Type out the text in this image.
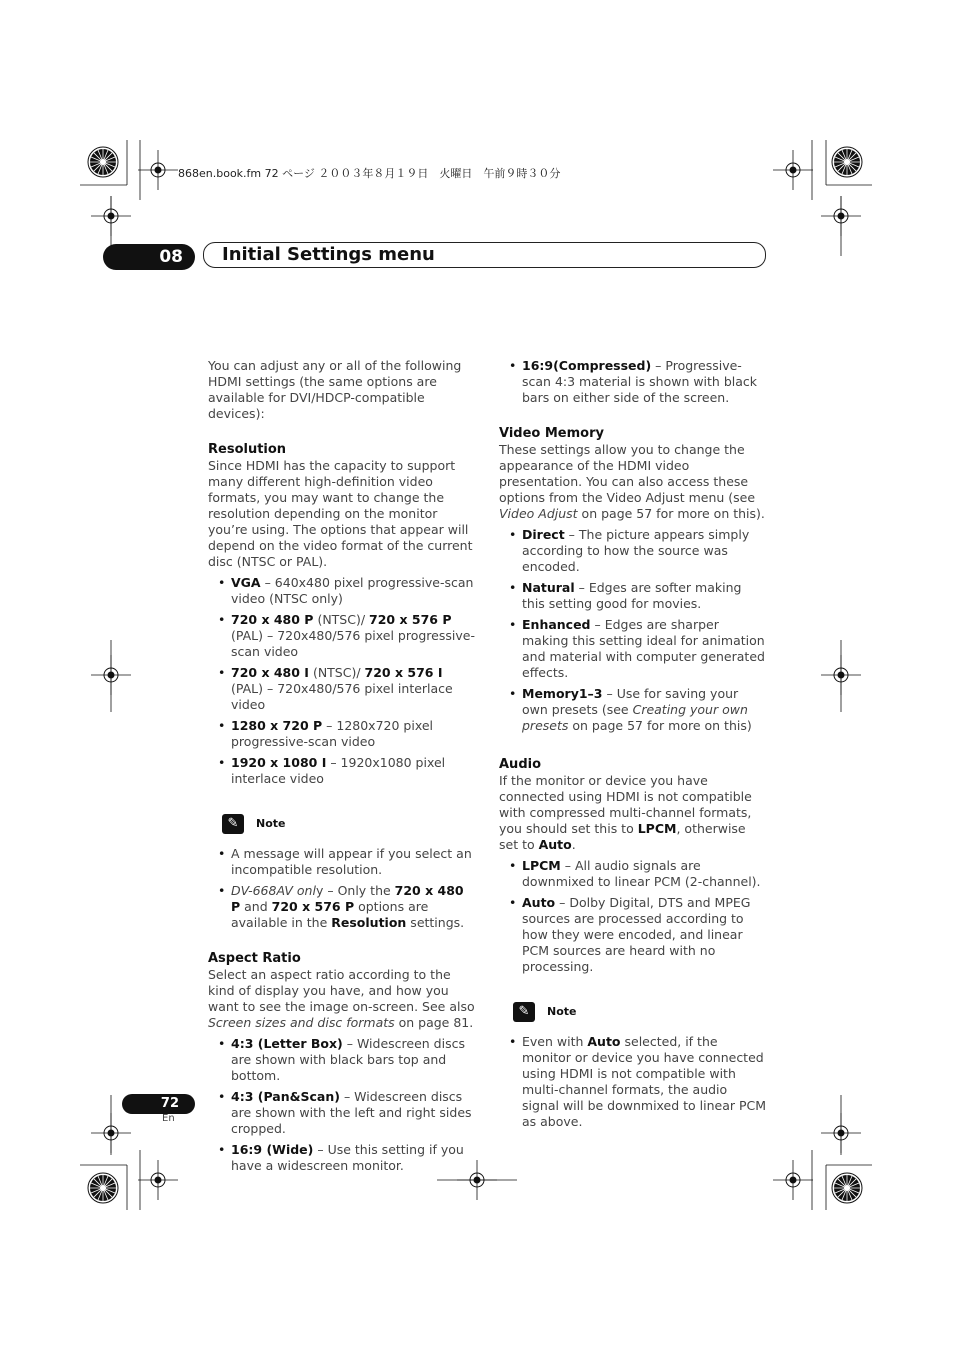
868en.book.fm 72 ページ ２００３年８月１９日　火曜日　午前９時３０分
08	Initial Settings menu

You can adjust any or all of the following HDMI settings (the same options are available for DVI/HDCP-compatible devices):

Resolution

Since HDMI has the capacity to support many different high-definition video formats, you may want to change the resolution depending on the monitor you’re using. The options that appear will depend on the video format of the current disc (NTSC or PAL).

• VGA – 640x480 pixel progressive-scan video (NTSC only)
• 720 x 480 P (NTSC)/ 720 x 576 P (PAL) – 720x480/576 pixel progressive-scan video
• 720 x 480 I (NTSC)/ 720 x 576 I (PAL) – 720x480/576 pixel interlace video
• 1280 x 720 P – 1280x720 pixel progressive-scan video
• 1920 x 1080 I – 1920x1080 pixel interlace video
✎	Note
• A message will appear if you select an incompatible resolution.
• DV-668AV only – Only the 720 x 480 P and 720 x 576 P options are available in the Resolution settings.

Aspect Ratio

Select an aspect ratio according to the kind of display you have, and how you want to see the image on-screen. See also Screen sizes and disc formats on page 81.

• 4:3 (Letter Box) – Widescreen discs are shown with black bars top and bottom.
• 4:3 (Pan&Scan) – Widescreen discs are shown with the left and right sides cropped.
• 16:9 (Wide) – Use this setting if you have a widescreen monitor.
• 16:9(Compressed) – Progressive-scan 4:3 material is shown with black bars on either side of the screen.

Video Memory

These settings allow you to change the appearance of the HDMI video presentation. You can also access these options from the Video Adjust menu (see Video Adjust on page 57 for more on this).

• Direct – The picture appears simply according to how the source was encoded.
• Natural – Edges are softer making this setting good for movies.
• Enhanced – Edges are sharper making this setting ideal for animation and material with computer generated effects.
• Memory1–3 – Use for saving your own presets (see Creating your own presets on page 57 for more on this)

Audio

If the monitor or device you have connected using HDMI is not compatible with compressed multi-channel formats, you should set this to LPCM, otherwise set to Auto.

• LPCM – All audio signals are downmixed to linear PCM (2-channel).
• Auto – Dolby Digital, DTS and MPEG sources are processed according to how they were encoded, and linear PCM sources are heard with no processing.
✎	Note
• Even with Auto selected, if the monitor or device you have connected using HDMI is not compatible with multi-channel formats, the audio signal will be downmixed to linear PCM as above.
72
En
